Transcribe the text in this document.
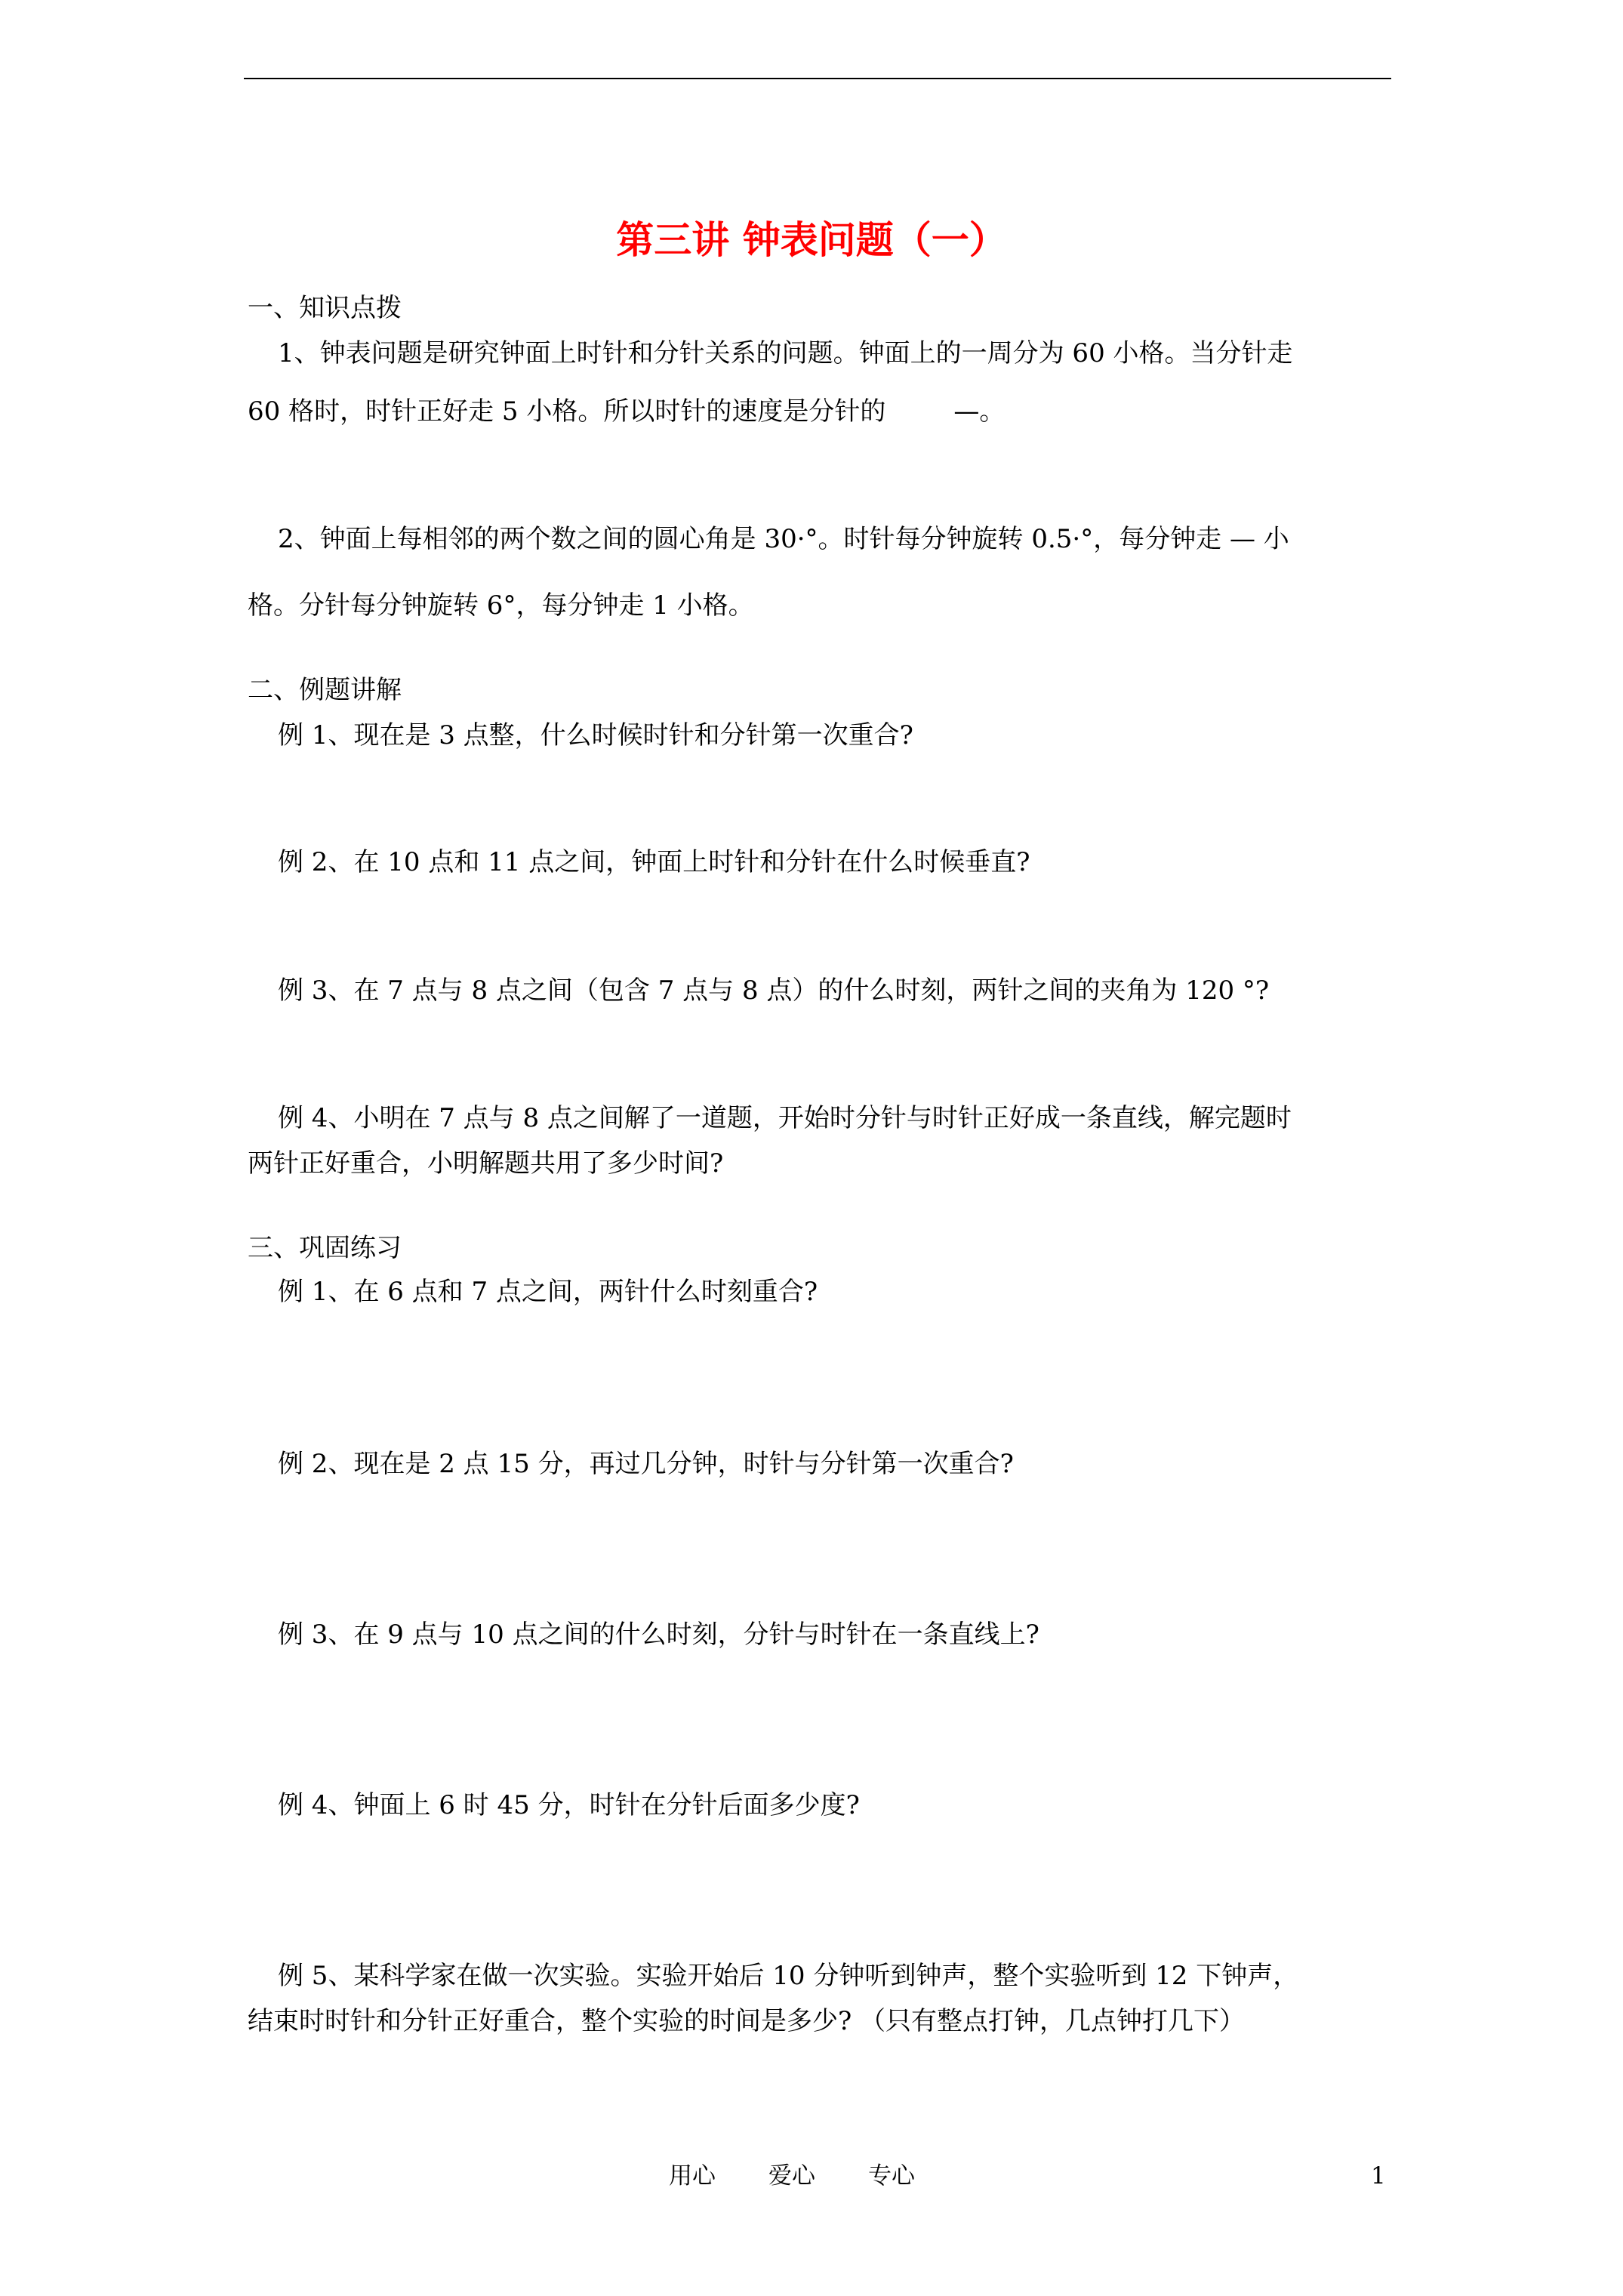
第三讲 钟表问题（一）
一、知识点拨
1、钟表问题是研究钟面上时针和分针关系的问题。钟面上的一周分为 60 小格。当分针走
60 格时，时针正好走 5 小格。所以时针的速度是分针的	—。
2、钟面上每相邻的两个数之间的圆心角是 30·°。时针每分钟旋转 0.5·°，每分钟走 — 小
格。分针每分钟旋转 6°，每分钟走 1 小格。
二、例题讲解
例 1、现在是 3 点整，什么时候时针和分针第一次重合?
例 2、在 10 点和 11 点之间，钟面上时针和分针在什么时候垂直?
例 3、在 7 点与 8 点之间（包含 7 点与 8 点）的什么时刻，两针之间的夹角为 120 °?
例 4、小明在 7 点与 8 点之间解了一道题，开始时分针与时针正好成一条直线，解完题时
两针正好重合，小明解题共用了多少时间?
三、巩固练习
例 1、在 6 点和 7 点之间，两针什么时刻重合?
例 2、现在是 2 点 15 分，再过几分钟，时针与分针第一次重合?
例 3、在 9 点与 10 点之间的什么时刻，分针与时针在一条直线上?
例 4、钟面上 6 时 45 分，时针在分针后面多少度?
例 5、某科学家在做一次实验。实验开始后 10 分钟听到钟声，整个实验听到 12 下钟声，
结束时时针和分针正好重合，整个实验的时间是多少? （只有整点打钟，几点钟打几下）
用心 爱心 专心	1
